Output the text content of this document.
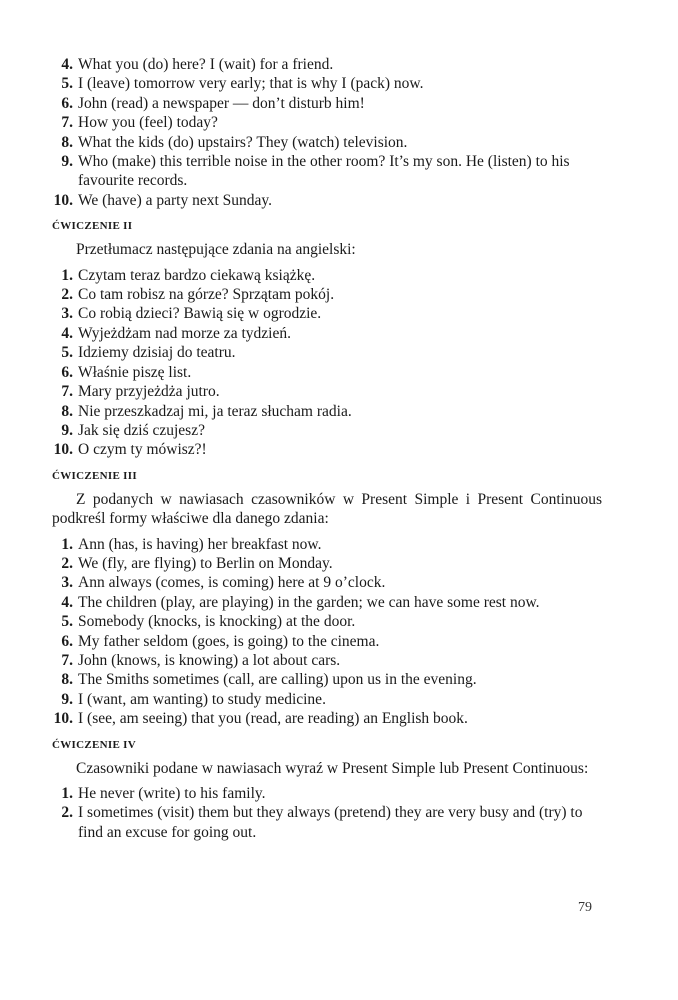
4. What you (do) here? I (wait) for a friend.
5. I (leave) tomorrow very early; that is why I (pack) now.
6. John (read) a newspaper — don’t disturb him!
7. How you (feel) today?
8. What the kids (do) upstairs? They (watch) television.
9. Who (make) this terrible noise in the other room? It’s my son. He (listen) to his favourite records.
10. We (have) a party next Sunday.
ĆWICZENIE II

Przetłumacz następujące zdania na angielski:

1. Czytam teraz bardzo ciekawą książkę.
2. Co tam robisz na górze? Sprzątam pokój.
3. Co robią dzieci? Bawią się w ogrodzie.
4. Wyjeżdżam nad morze za tydzień.
5. Idziemy dzisiaj do teatru.
6. Właśnie piszę list.
7. Mary przyjeżdża jutro.
8. Nie przeszkadzaj mi, ja teraz słucham radia.
9. Jak się dziś czujesz?
10. O czym ty mówisz?!
ĆWICZENIE III

Z podanych w nawiasach czasowników w Present Simple i Present Continuous podkreśl formy właściwe dla danego zdania:

1. Ann (has, is having) her breakfast now.
2. We (fly, are flying) to Berlin on Monday.
3. Ann always (comes, is coming) here at 9 o’clock.
4. The children (play, are playing) in the garden; we can have some rest now.
5. Somebody (knocks, is knocking) at the door.
6. My father seldom (goes, is going) to the cinema.
7. John (knows, is knowing) a lot about cars.
8. The Smiths sometimes (call, are calling) upon us in the evening.
9. I (want, am wanting) to study medicine.
10. I (see, am seeing) that you (read, are reading) an English book.
ĆWICZENIE IV

Czasowniki podane w nawiasach wyraź w Present Simple lub Present Continuous:

1. He never (write) to his family.
2. I sometimes (visit) them but they always (pretend) they are very busy and (try) to find an excuse for going out.
79
